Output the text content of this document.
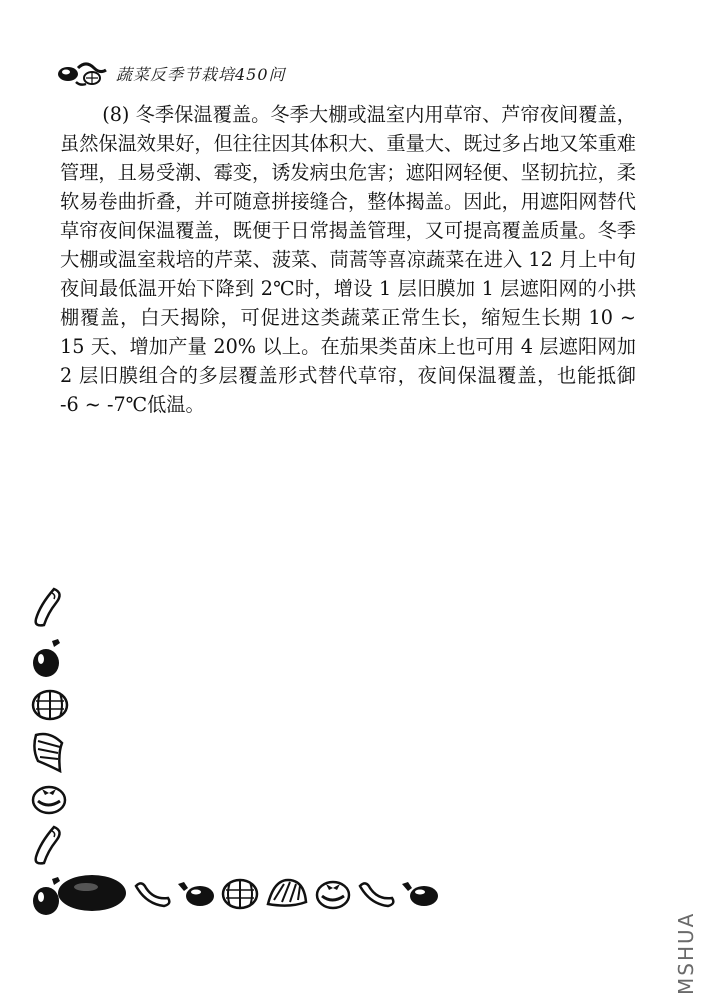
蔬菜反季节栽培450问

(8) 冬季保温覆盖。冬季大棚或温室内用草帘、芦帘夜间覆盖，虽然保温效果好，但往往因其体积大、重量大、既过多占地又笨重难管理，且易受潮、霉变，诱发病虫危害；遮阳网轻便、坚韧抗拉，柔软易卷曲折叠，并可随意拼接缝合，整体揭盖。因此，用遮阳网替代草帘夜间保温覆盖，既便于日常揭盖管理，又可提高覆盖质量。冬季大棚或温室栽培的芹菜、菠菜、茼蒿等喜凉蔬菜在进入 12 月上中旬夜间最低温开始下降到 2℃时，增设 1 层旧膜加 1 层遮阳网的小拱棚覆盖，白天揭除，可促进这类蔬菜正常生长，缩短生长期 10 ~ 15 天、增加产量 20% 以上。在茄果类苗床上也可用 4 层遮阳网加 2 层旧膜组合的多层覆盖形式替代草帘，夜间保温覆盖，也能抵御 -6 ~ -7℃低温。

MSHUA
